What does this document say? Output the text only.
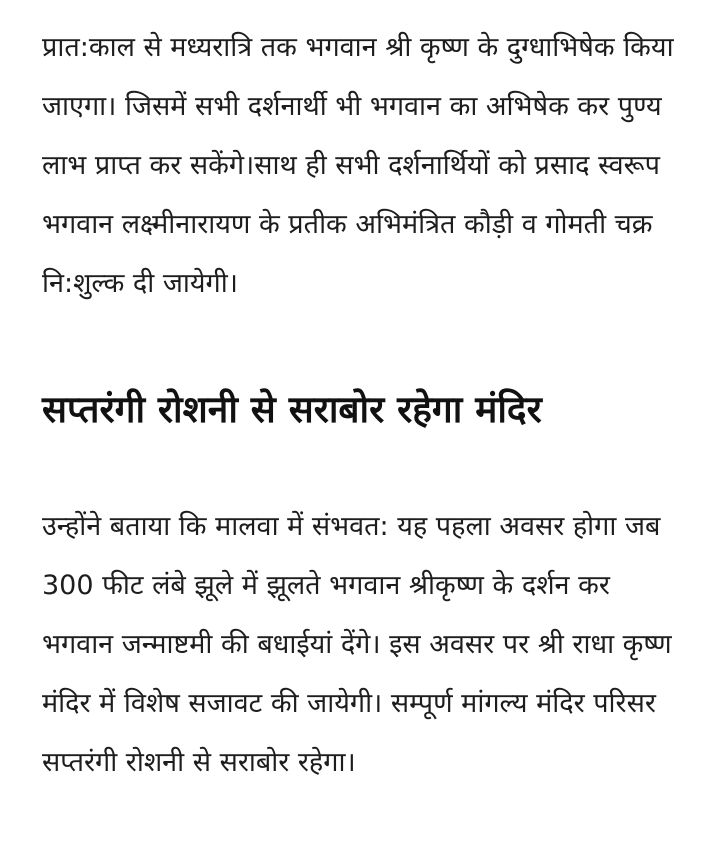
प्रात:काल से मध्यरात्रि तक भगवान श्री कृष्ण के दुग्धाभिषेक किया जाएगा। जिसमें सभी दर्शनार्थी भी भगवान का अभिषेक कर पुण्य लाभ प्राप्त कर सकेंगे।साथ ही सभी दर्शनार्थियों को प्रसाद स्वरूप भगवान लक्ष्मीनारायण के प्रतीक अभिमंत्रित कौड़ी व गोमती चक्र नि:शुल्क दी जायेगी।

सप्तरंगी रोशनी से सराबोर रहेगा मंदिर

उन्होंने बताया कि मालवा में संभवत: यह पहला अवसर होगा जब 300 फीट लंबे झूले में झूलते भगवान श्रीकृष्ण के दर्शन कर भगवान जन्माष्टमी की बधाईयां देंगे। इस अवसर पर श्री राधा कृष्ण मंदिर में विशेष सजावट की जायेगी। सम्पूर्ण मांगल्य मंदिर परिसर सप्तरंगी रोशनी से सराबोर रहेगा।
